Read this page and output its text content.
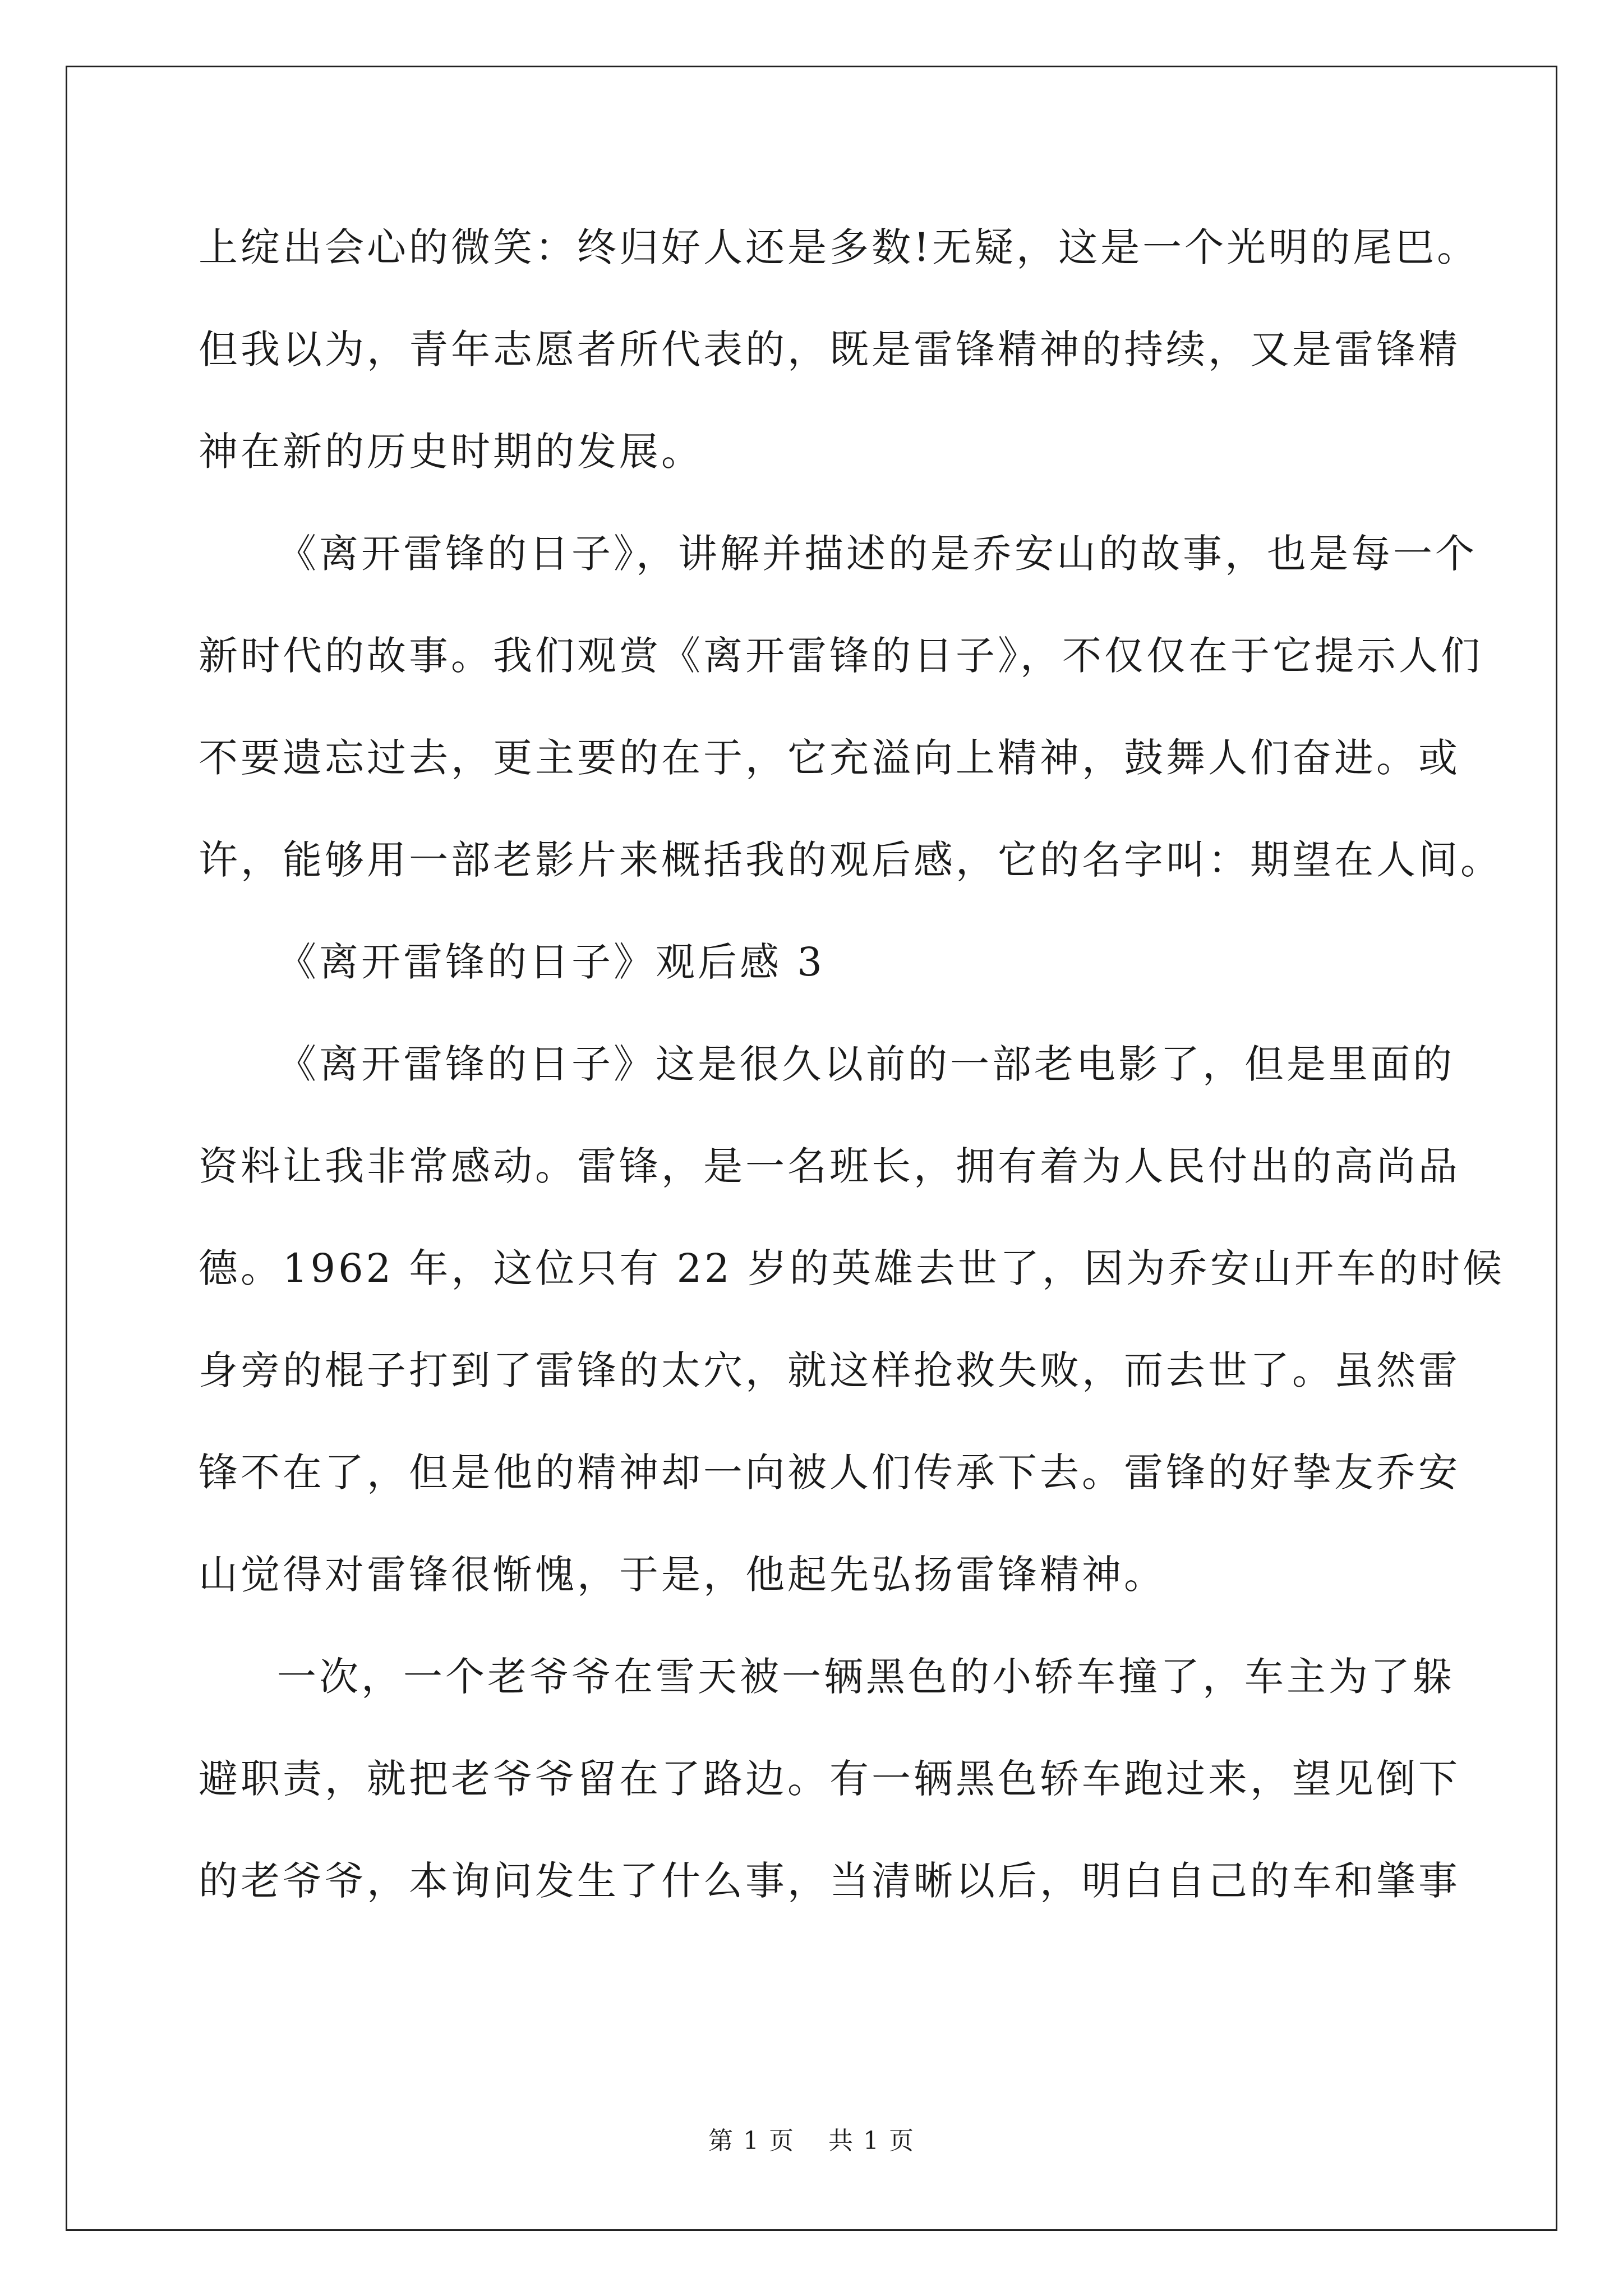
上绽出会心的微笑：终归好人还是多数!无疑，这是一个光明的尾巴。
但我以为，青年志愿者所代表的，既是雷锋精神的持续，又是雷锋精
神在新的历史时期的发展。
《离开雷锋的日子》，讲解并描述的是乔安山的故事，也是每一个
新时代的故事。我们观赏《离开雷锋的日子》，不仅仅在于它提示人们
不要遗忘过去，更主要的在于，它充溢向上精神，鼓舞人们奋进。或
许，能够用一部老影片来概括我的观后感，它的名字叫：期望在人间。
《离开雷锋的日子》观后感 3
《离开雷锋的日子》这是很久以前的一部老电影了，但是里面的
资料让我非常感动。雷锋，是一名班长，拥有着为人民付出的高尚品
德。1962 年，这位只有 22 岁的英雄去世了，因为乔安山开车的时候
身旁的棍子打到了雷锋的太穴，就这样抢救失败，而去世了。虽然雷
锋不在了，但是他的精神却一向被人们传承下去。雷锋的好挚友乔安
山觉得对雷锋很惭愧，于是，他起先弘扬雷锋精神。
一次，一个老爷爷在雪天被一辆黑色的小轿车撞了，车主为了躲
避职责，就把老爷爷留在了路边。有一辆黑色轿车跑过来，望见倒下
的老爷爷，本询问发生了什么事，当清晰以后，明白自己的车和肇事
第 1 页 共 1 页
